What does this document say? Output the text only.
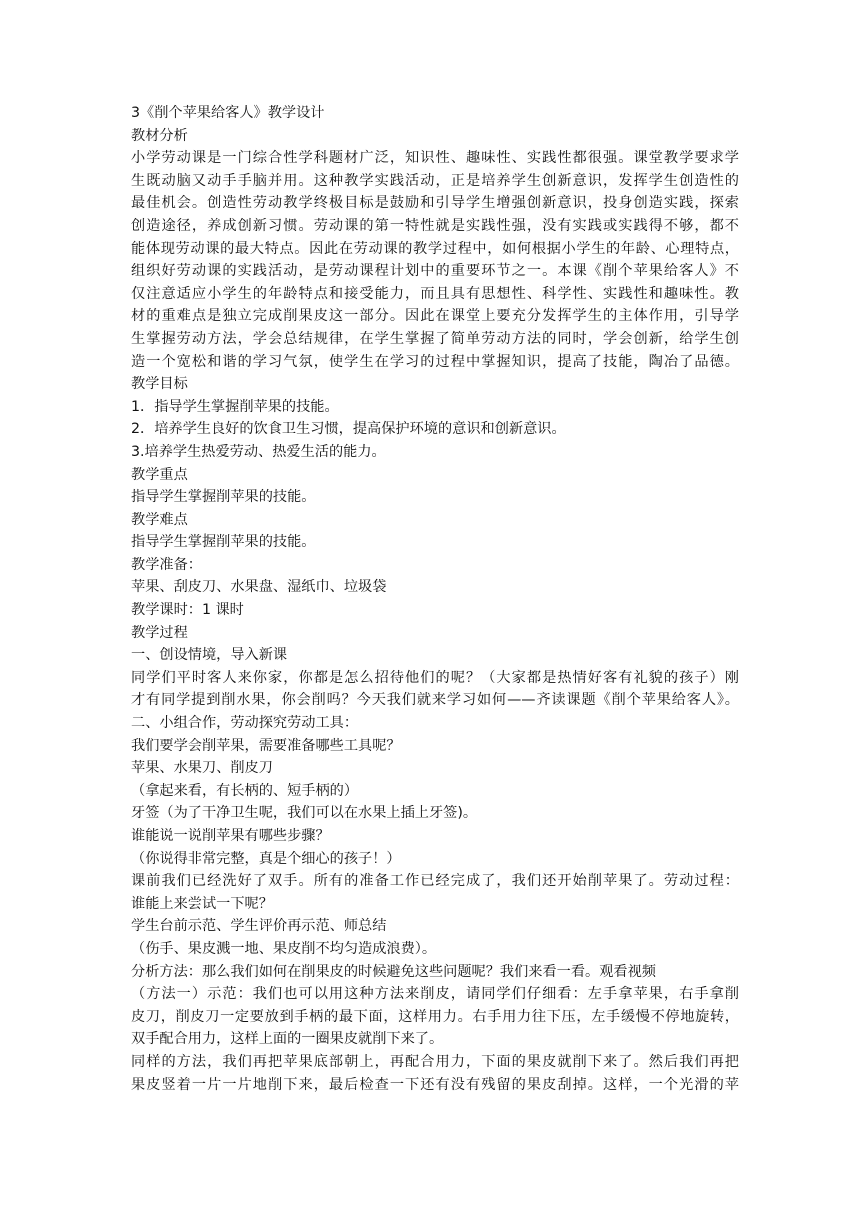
3《削个苹果给客人》教学设计
教材分析
小学劳动课是一门综合性学科题材广泛，知识性、趣味性、实践性都很强。课堂教学要求学
生既动脑又动手手脑并用。这种教学实践活动，正是培养学生创新意识，发挥学生创造性的
最佳机会。创造性劳动教学终极目标是鼓励和引导学生增强创新意识，投身创造实践，探索
创造途径，养成创新习惯。劳动课的第一特性就是实践性强，没有实践或实践得不够，都不
能体现劳动课的最大特点。因此在劳动课的教学过程中，如何根据小学生的年龄、心理特点，
组织好劳动课的实践活动，是劳动课程计划中的重要环节之一。本课《削个苹果给客人》不
仅注意适应小学生的年龄特点和接受能力，而且具有思想性、科学性、实践性和趣味性。教
材的重难点是独立完成削果皮这一部分。因此在课堂上要充分发挥学生的主体作用，引导学
生掌握劳动方法，学会总结规律，在学生掌握了简单劳动方法的同时，学会创新，给学生创
造一个宽松和谐的学习气氛，使学生在学习的过程中掌握知识，提高了技能，陶冶了品德。
教学目标
1．指导学生掌握削苹果的技能。
2．培养学生良好的饮食卫生习惯，提高保护环境的意识和创新意识。
3.培养学生热爱劳动、热爱生活的能力。
教学重点
指导学生掌握削苹果的技能。
教学难点
指导学生掌握削苹果的技能。
教学准备：
苹果、刮皮刀、水果盘、湿纸巾、垃圾袋
教学课时：1 课时
教学过程
一、创设情境，导入新课
同学们平时客人来你家，你都是怎么招待他们的呢？（大家都是热情好客有礼貌的孩子）刚
才有同学提到削水果，你会削吗？今天我们就来学习如何——齐读课题《削个苹果给客人》。
二、小组合作，劳动探究劳动工具：
我们要学会削苹果，需要准备哪些工具呢？
苹果、水果刀、削皮刀
（拿起来看，有长柄的、短手柄的）
牙签（为了干净卫生呢，我们可以在水果上插上牙签)。
谁能说一说削苹果有哪些步骤？
（你说得非常完整，真是个细心的孩子！）
课前我们已经洗好了双手。所有的准备工作已经完成了，我们还开始削苹果了。劳动过程：
谁能上来尝试一下呢？
学生台前示范、学生评价再示范、师总结
（伤手、果皮溅一地、果皮削不均匀造成浪费）。
分析方法：那么我们如何在削果皮的时候避免这些问题呢？我们来看一看。观看视频
（方法一）示范：我们也可以用这种方法来削皮，请同学们仔细看：左手拿苹果，右手拿削
皮刀，削皮刀一定要放到手柄的最下面，这样用力。右手用力往下压，左手缓慢不停地旋转，
双手配合用力，这样上面的一圈果皮就削下来了。
同样的方法，我们再把苹果底部朝上，再配合用力，下面的果皮就削下来了。然后我们再把
果皮竖着一片一片地削下来，最后检查一下还有没有残留的果皮刮掉。这样，一个光滑的苹
